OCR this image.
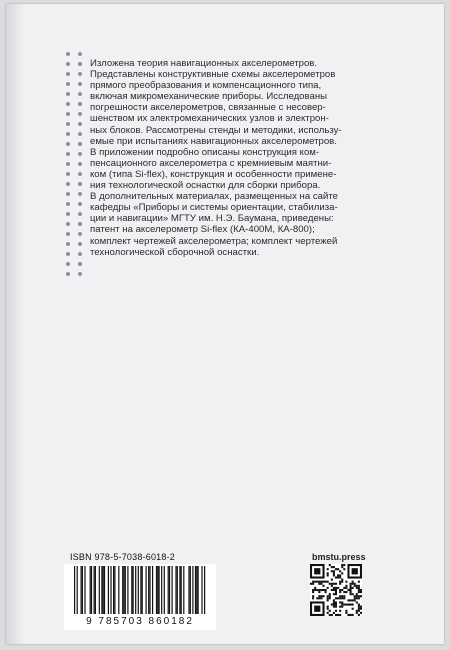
Изложена теория навигационных акселерометров.
Представлены конструктивные схемы акселерометров
прямого преобразования и компенсационного типа,
включая микромеханические приборы. Исследованы
погрешности акселерометров, связанные с несовер-
шенством их электромеханических узлов и электрон-
ных блоков. Рассмотрены стенды и методики, использу-
емые при испытаниях навигационных акселерометров.
В приложении подробно описаны конструкция ком-
пенсационного акселерометра с кремниевым маятни-
ком (типа Si-flex), конструкция и особенности примене-
ния технологической оснастки для сборки прибора.
В дополнительных материалах, размещенных на сайте
кафедры «Приборы и системы ориентации, стабилиза-
ции и навигации» МГТУ им. Н.Э. Баумана, приведены:
патент на акселерометр Si-flex (КА-400М, КА-800);
комплект чертежей акселерометра; комплект чертежей
технологической сборочной оснастки.
ISBN 978-5-7038-6018-2
9 785703 860182
bmstu.press
